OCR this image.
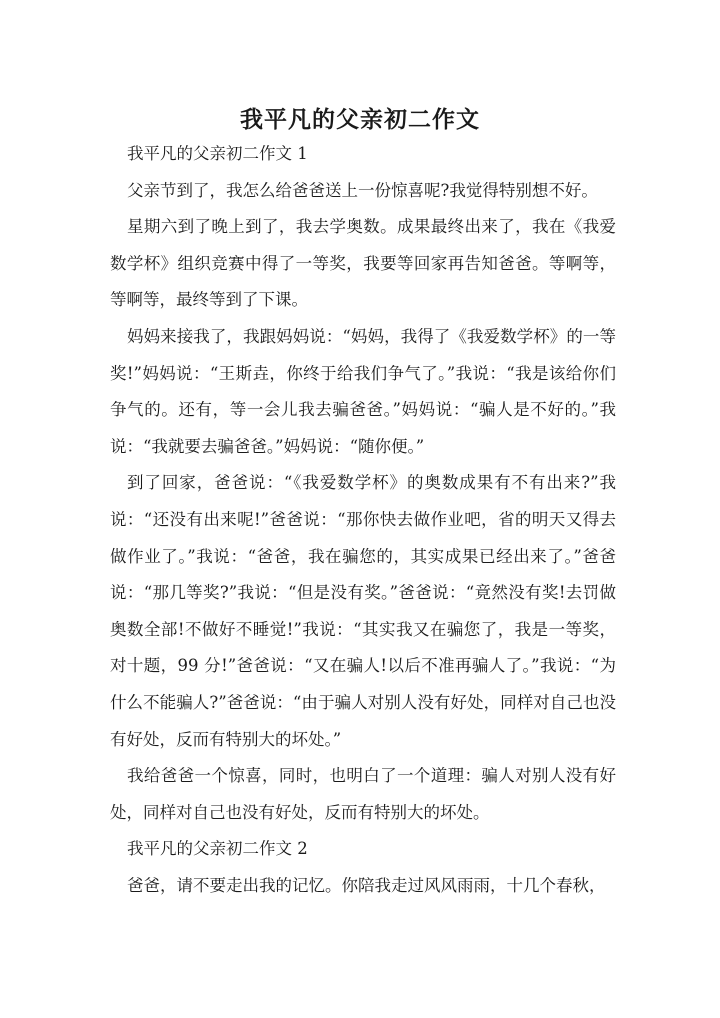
我平凡的父亲初二作文

我平凡的父亲初二作文 1

父亲节到了，我怎么给爸爸送上一份惊喜呢?我觉得特别想不好。

星期六到了晚上到了，我去学奥数。成果最终出来了，我在《我爱数学杯》组织竞赛中得了一等奖，我要等回家再告知爸爸。等啊等，等啊等，最终等到了下课。

妈妈来接我了，我跟妈妈说：“妈妈，我得了《我爱数学杯》的一等奖!”妈妈说：“王斯垚，你终于给我们争气了。”我说：“我是该给你们争气的。还有，等一会儿我去骗爸爸。”妈妈说：“骗人是不好的。”我说：“我就要去骗爸爸。”妈妈说：“随你便。”

到了回家，爸爸说：“《我爱数学杯》的奥数成果有不有出来?”我说：“还没有出来呢!”爸爸说：“那你快去做作业吧，省的明天又得去做作业了。”我说：“爸爸，我在骗您的，其实成果已经出来了。”爸爸说：“那几等奖?”我说：“但是没有奖。”爸爸说：“竟然没有奖!去罚做奥数全部!不做好不睡觉!”我说：“其实我又在骗您了，我是一等奖，对十题，99 分!”爸爸说：“又在骗人!以后不准再骗人了。”我说：“为什么不能骗人?”爸爸说：“由于骗人对别人没有好处，同样对自己也没有好处，反而有特别大的坏处。”

我给爸爸一个惊喜，同时，也明白了一个道理：骗人对别人没有好处，同样对自己也没有好处，反而有特别大的坏处。

我平凡的父亲初二作文 2

爸爸，请不要走出我的记忆。你陪我走过风风雨雨，十几个春秋，
